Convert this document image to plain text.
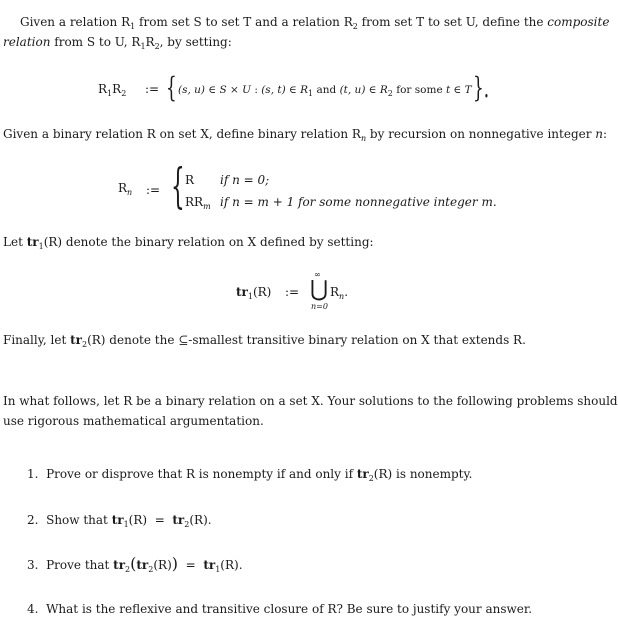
Given a relation $R_1$ from set S to set T and a relation $R_2$ from set T to set U, define the composite
relation from S to U, $R_1R_2$, by setting:
$R_1R_2$ := { (s, u) ∈ S × U : (s, t) ∈ $R_1$ and (t, u) ∈ $R_2$ for some t ∈ T }.
Given a binary relation R on set X, define binary relation $R_n$ by recursion on nonnegative integer n:
$R_n$ := { R if n = 0;
$RR_m$ if n = m + 1 for some nonnegative integer m.
Let $tr_1(R)$ denote the binary relation on X defined by setting:
$tr_1(R)$ :=
∞
⋃
n=0
$R_n$.
Finally, let $tr_2(R)$ denote the ⊆-smallest transitive binary relation on X that extends R.
In what follows, let R be a binary relation on a set X. Your solutions to the following problems should
use rigorous mathematical argumentation.
1. Prove or disprove that R is nonempty if and only if $tr_2(R)$ is nonempty.
2. Show that $tr_1(R) = tr_2(R)$.
3. Prove that $tr_2(tr_2(R)) = tr_1(R)$.
4. What is the reflexive and transitive closure of R? Be sure to justify your answer.
